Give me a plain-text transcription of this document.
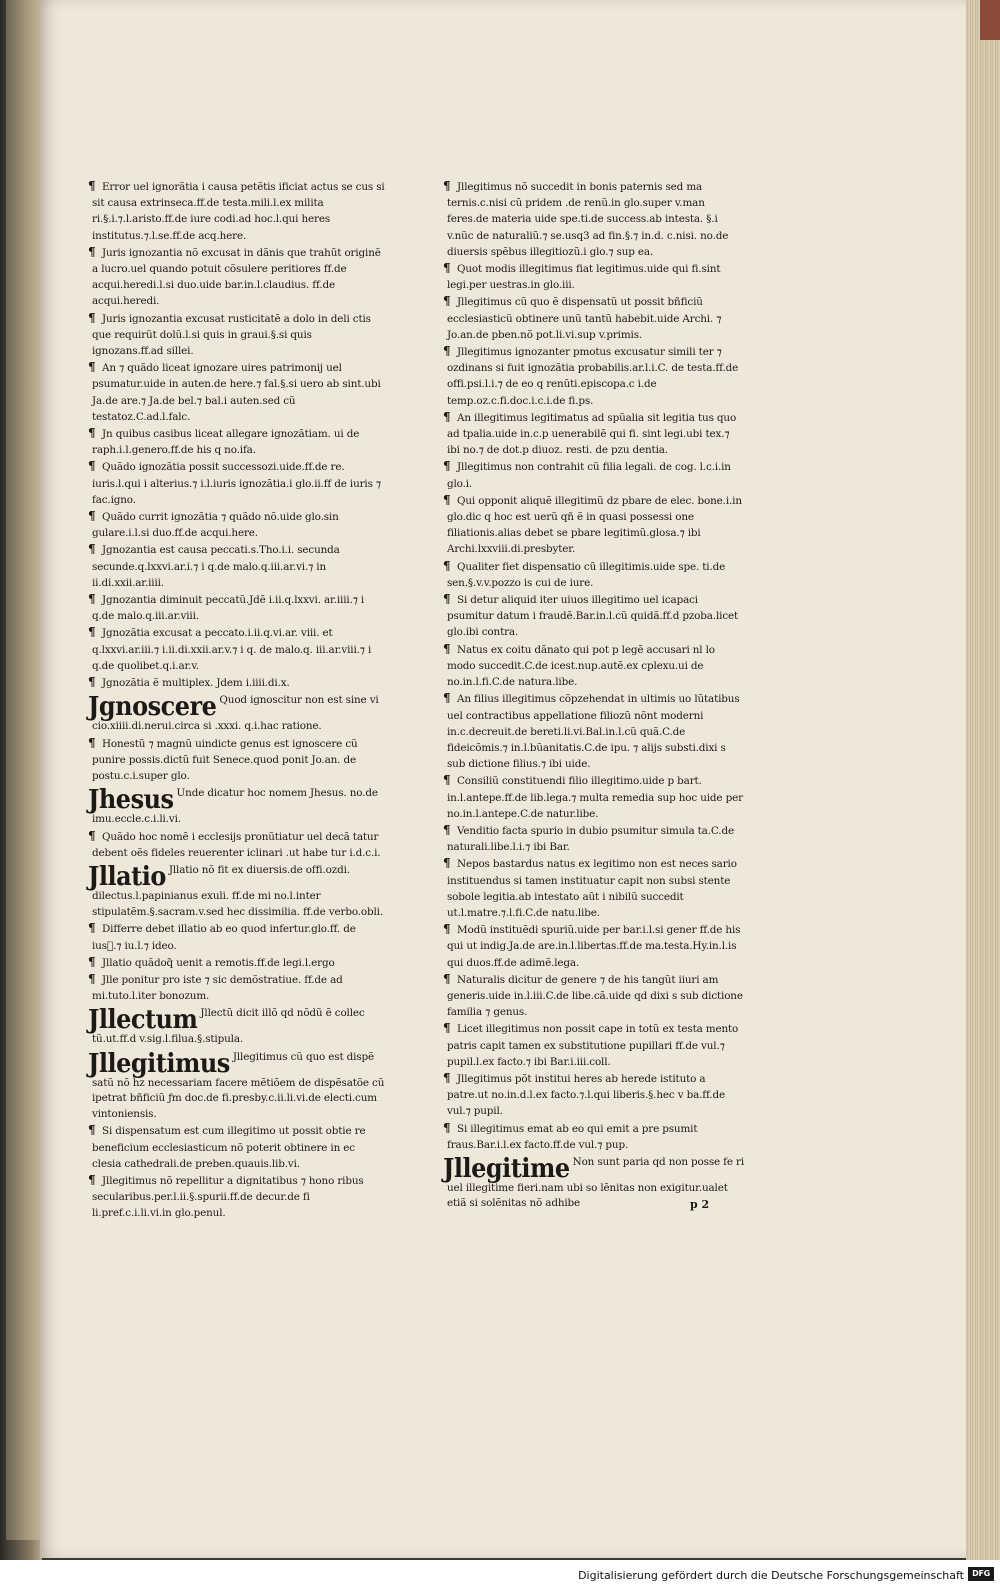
¶ Error uel ignorãtia i causa petẽtis ificiat actus se cus si sit causa extrinseca.ff.de testa.mili.l.ex milita ri.§.i.⁊.l.aristo.ff.de iure codi.ad hoc.l.qui heres institutus.⁊.l.se.ff.de acq.here.

¶ Juris ignozantia nõ excusat in dãnis que trahũt originẽ a lucro.uel quando potuit cõsulere peritiores ff.de acqui.heredi.l.si duo.uide bar.in.l.claudius. ff.de acqui.heredi.

¶ Juris ignozantia excusat rusticitatẽ a dolo in deli ctis que requirũt dolũ.l.si quis in graui.§.si quis ignozans.ff.ad sillei.

¶ An ⁊ quãdo liceat ignozare uires patrimonij uel psumatur.uide in auten.de here.⁊ fal.§.si uero ab sint.ubi Ja.de are.⁊ Ja.de bel.⁊ bal.i auten.sed cũ testatoz.C.ad.l.falc.

¶ Jn quibus casibus liceat allegare ignozãtiam. ui de raph.i.l.genero.ff.de his q no.ifa.

¶ Quãdo ignozãtia possit successozi.uide.ff.de re. iuris.l.qui i alterius.⁊ i.l.iuris ignozãtia.i glo.ii.ff de iuris ⁊ fac.igno.

¶ Quãdo currit ignozãtia ⁊ quãdo nõ.uide glo.sin gulare.i.l.si duo.ff.de acqui.here.

¶ Jgnozantia est causa peccati.s.Tho.i.i. secunda secunde.q.lxxvi.ar.i.⁊ i q.de malo.q.iii.ar.vi.⁊ in ii.di.xxii.ar.iiii.

¶ Jgnozantia diminuit peccatũ.Jdẽ i.ii.q.lxxvi. ar.iiii.⁊ i q.de malo.q.iii.ar.viii.

¶ Jgnozãtia excusat a peccato.i.ii.q.vi.ar. viii. et q.lxxvi.ar.iii.⁊ i.ii.di.xxii.ar.v.⁊ i q. de malo.q. iii.ar.viii.⁊ i q.de quolibet.q.i.ar.v.

¶ Jgnozãtia ẽ multiplex. Jdem i.iiii.di.x.

Jgnoscere Quod ignoscitur non est sine vi cio.xiiii.di.nerui.circa si .xxxi. q.i.hac ratione.

¶ Honestũ ⁊ magnũ uindicte genus est ignoscere cũ punire possis.dictũ fuit Senece.quod ponit Jo.an. de postu.c.i.super glo.

Jhesus Unde dicatur hoc nomem Jhesus. no.de imu.eccle.c.i.li.vi.

¶ Quãdo hoc nomẽ i ecclesijs pronũtiatur uel decã tatur debent oẽs fideles reuerenter iclinari .ut habe tur i.d.c.i.

Jllatio Jllatio nõ fit ex diuersis.de offi.ozdi. dilectus.l.papinianus exuli. ff.de mi no.l.inter stipulatẽm.§.sacram.v.sed hec dissimilia. ff.de verbo.obli.

¶ Differre debet illatio ab eo quod infertur.glo.ff. de iusᷓ.⁊ iu.l.⁊ ideo.

¶ Jllatio quãdoq̃ uenit a remotis.ff.de legi.l.ergo

¶ Jlle ponitur pro iste ⁊ sic demõstratiue. ff.de ad mi.tuto.l.iter bonozum.

Jllectum Jllectũ dicit illõ qd nõdũ ẽ collec tũ.ut.ff.d v.sig.l.filua.§.stipula.

Jllegitimus Jllegitimus cũ quo est dispẽ satũ nõ hz necessariam facere mẽtiõem de dispẽsatõe cũ ipetrat bñficiũ ƒm doc.de fi.presby.c.ii.li.vi.de electi.cum vintoniensis.

¶ Si dispensatum est cum illegitimo ut possit obtie re beneficium ecclesiasticum nõ poterit obtinere in ec clesia cathedrali.de preben.quauis.lib.vi.

¶ Jllegitimus nõ repellitur a dignitatibus ⁊ hono ribus secularibus.per.l.ii.§.spurii.ff.de decur.de fi li.pref.c.i.li.vi.in glo.penul.

¶ Jllegitimus nõ succedit in bonis paternis sed ma ternis.c.nisi cũ pridem .de renũ.in glo.super v.man feres.de materia uide spe.ti.de success.ab intesta. §.i v.nũc de naturaliũ.⁊ se.usq3 ad fin.§.⁊ in.d. c.nisi. no.de diuersis spẽbus illegitiozũ.i glo.⁊ sup ea.

¶ Quot modis illegitimus fiat legitimus.uide qui fi.sint legi.per uestras.in glo.iii.

¶ Jllegitimus cũ quo ẽ dispensatũ ut possit bñficiũ ecclesiasticũ obtinere unũ tantũ habebit.uide Archi. ⁊ Jo.an.de pben.nõ pot.li.vi.sup v.primis.

¶ Jllegitimus ignozanter pmotus excusatur simili ter ⁊ ozdinans si fuit ignozãtia probabilis.ar.l.i.C. de testa.ff.de offi.psi.l.i.⁊ de eo q renũti.episcopa.c i.de temp.oz.c.fi.doc.i.c.i.de fi.ps.

¶ An illegitimus legitimatus ad spũalia sit legitia tus quo ad tpalia.uide in.c.p uenerabilẽ qui fi. sint legi.ubi tex.⁊ ibi no.⁊ de dot.p diuoz. resti. de pzu dentia.

¶ Jllegitimus non contrahit cũ filia legali. de cog. l.c.i.in glo.i.

¶ Qui opponit aliquẽ illegitimũ dz pbare de elec. bone.i.in glo.dic q hoc est uerũ qñ ẽ in quasi possessi one filiationis.alias debet se pbare legitimũ.glosa.⁊ ibi Archi.lxxviii.di.presbyter.

¶ Qualiter fiet dispensatio cũ illegitimis.uide spe. ti.de sen.§.v.v.pozzo is cui de iure.

¶ Si detur aliquid iter uiuos illegitimo uel icapaci psumitur datum i fraudẽ.Bar.in.l.cũ quidã.ff.d pzoba.licet glo.ibi contra.

¶ Natus ex coitu dãnato qui pot p legẽ accusari nl lo modo succedit.C.de icest.nup.autẽ.ex cplexu.ui de no.in.l.fi.C.de natura.libe.

¶ An filius illegitimus cõpzehendat in ultimis uo lũtatibus uel contractibus appellatione filiozũ nõnt moderni in.c.decreuit.de bereti.li.vi.Bal.in.l.cũ quã.C.de fideicõmis.⁊ in.l.bũanitatis.C.de ipu. ⁊ alijs substi.dixi s sub dictione filius.⁊ ibi uide.

¶ Consiliũ constituendi filio illegitimo.uide p bart. in.l.antepe.ff.de lib.lega.⁊ multa remedia sup hoc uide per no.in.l.antepe.C.de natur.libe.

¶ Venditio facta spurio in dubio psumitur simula ta.C.de naturali.libe.l.i.⁊ ibi Bar.

¶ Nepos bastardus natus ex legitimo non est neces sario instituendus si tamen instituatur capit non subsi stente sobole legitia.ab intestato aũt i nibilũ succedit ut.l.matre.⁊.l.fi.C.de natu.libe.

¶ Modũ instituẽdi spuriũ.uide per bar.i.l.si gener ff.de his qui ut indig.Ja.de are.in.l.libertas.ff.de ma.testa.Hy.in.l.is qui duos.ff.de adimẽ.lega.

¶ Naturalis dicitur de genere ⁊ de his tangũt iiuri am generis.uide in.l.iii.C.de libe.cã.uide qd dixi s sub dictione familia ⁊ genus.

¶ Licet illegitimus non possit cape in totũ ex testa mento patris capit tamen ex substitutione pupillari ff.de vul.⁊ pupil.l.ex facto.⁊ ibi Bar.i.iii.coll.

¶ Jllegitimus põt institui heres ab herede istituto a patre.ut no.in.d.l.ex facto.⁊.l.qui liberis.§.hec v ba.ff.de vul.⁊ pupil.

¶ Si illegitimus emat ab eo qui emit a pre psumit fraus.Bar.i.l.ex facto.ff.de vul.⁊ pup.

Jllegitime Non sunt paria qd non posse fe ri uel illegitime fieri.nam ubi so lẽnitas non exigitur.ualet etiã si solẽnitas nõ adhibe	p 2
Digitalisierung gefördert durch die Deutsche Forschungsgemeinschaft	DFG
